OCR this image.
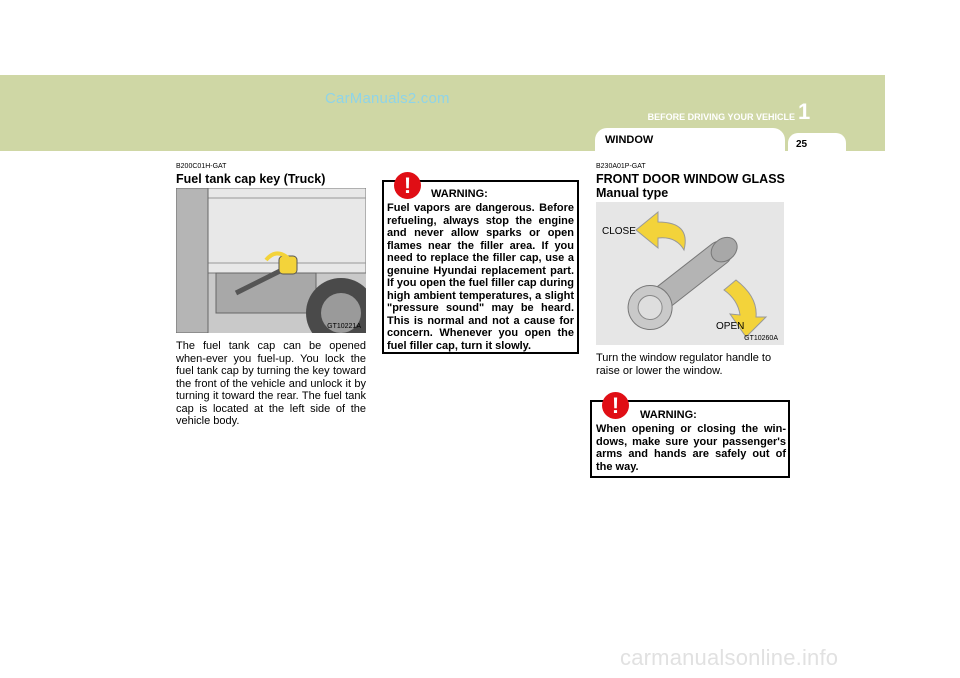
CarManuals2.com
BEFORE DRIVING YOUR VEHICLE 1
WINDOW	25
B200C01H-GAT
Fuel tank cap key (Truck)
GT10221A
The fuel tank cap can be opened when-ever you fuel-up. You lock the fuel tank cap by turning the key toward the front of the vehicle and unlock it by turning it toward the rear. The fuel tank cap is located at the left side of the vehicle body.
!	WARNING:
Fuel vapors are dangerous. Before refueling, always stop the engine and never allow sparks or open flames near the filler area. If you need to replace the filler cap, use a genuine Hyundai replacement part. If you open the fuel filler cap during high ambient temperatures, a slight "pressure sound" may be heard. This is normal and not a cause for concern. Whenever you open the fuel filler cap, turn it slowly.
B230A01P-GAT
FRONT DOOR WINDOW GLASS
Manual type
CLOSE
OPEN
GT10260A
Turn the window regulator handle to raise or lower the window.
!	WARNING:
When opening or closing the win-dows, make sure your passenger's arms and hands are safely out of the way.
carmanualsonline.info
